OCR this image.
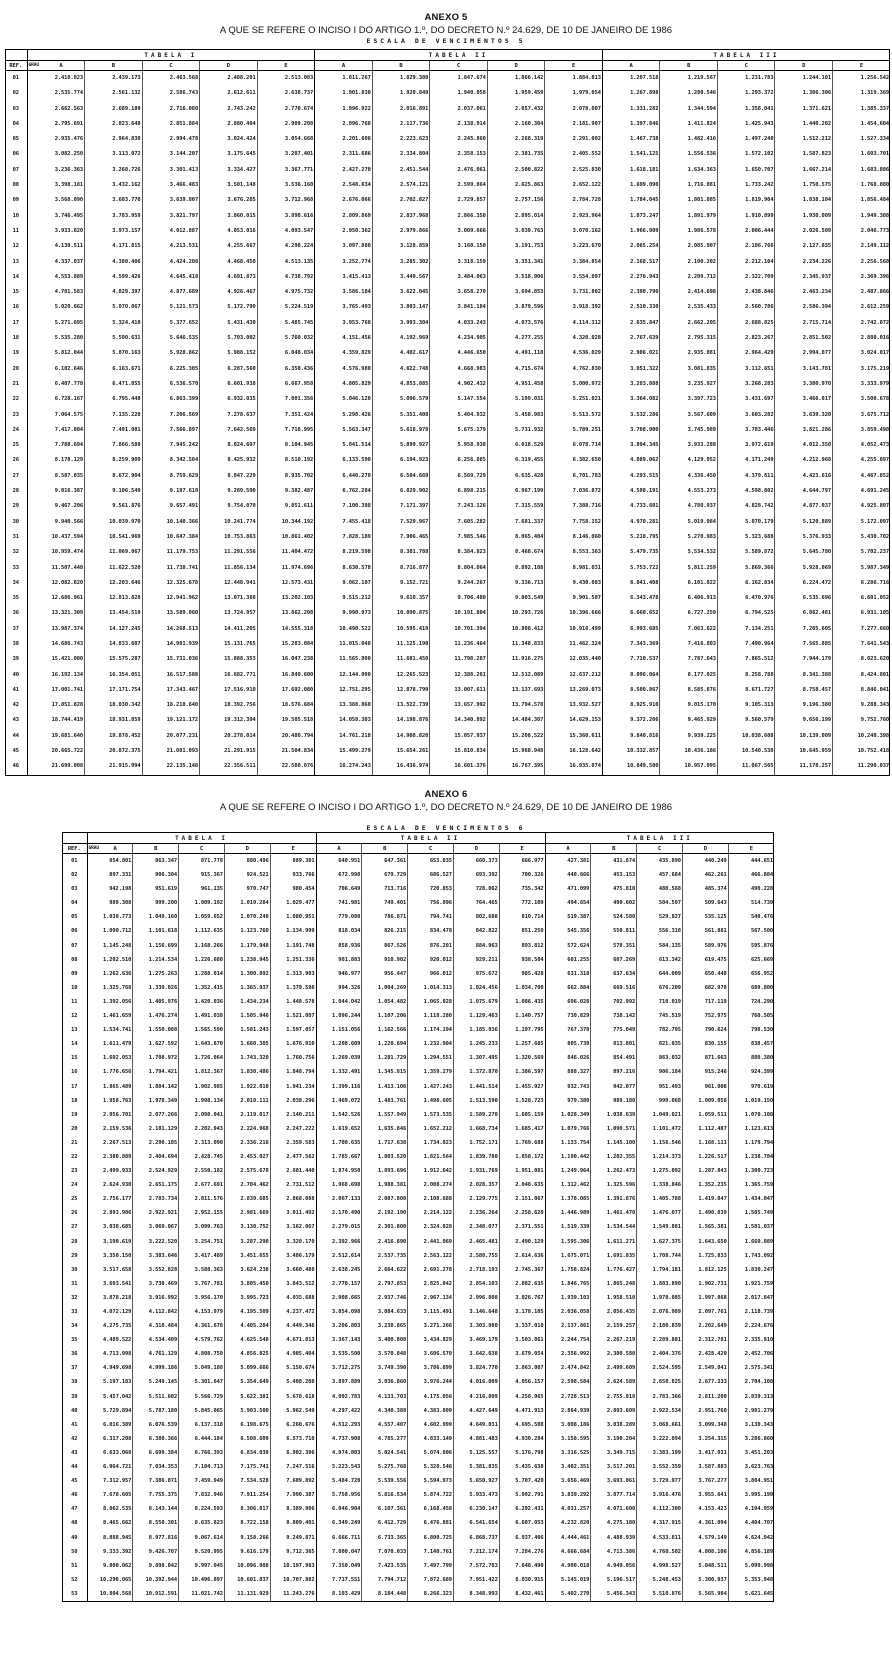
ANEXO 5
A QUE SE REFERE O INCISO I DO ARTIGO 1.º, DO DECRETO N.º 24.629, DE 10 DE JANEIRO DE 1986
ESCALA DE VENCIMENTOS 5
	TABELA I					TABELA II					TABELA III				
REF.	GRAU A	B	C	D	E	A	B	C	D	E	A	B	C	D	E
01	2.418.823	2.439.173	2.463.568	2.488.201	2.513.083	1.811.267	1.829.380	1.847.674	1.866.142	1.884.813	1.207.518	1.219.567	1.231.783	1.244.101	1.256.542
02	2.535.774	2.561.132	2.586.743	2.612.611	2.638.737	1.901.830	1.920.849	1.940.058	1.959.459	1.979.054	1.267.898	1.280.546	1.293.372	1.306.306	1.319.369
03	2.662.563	2.689.189	2.716.080	2.743.242	2.770.674	1.996.922	2.016.891	2.037.061	2.057.432	2.078.007	1.331.282	1.344.594	1.358.041	1.371.621	1.385.337
04	2.795.691	2.823.648	2.851.884	2.880.404	2.909.208	2.096.768	2.117.736	2.138.914	2.160.304	2.181.907	1.397.846	1.411.824	1.425.943	1.440.202	1.454.604
05	2.935.476	2.964.830	2.994.478	3.024.424	3.054.668	2.201.606	2.223.623	2.245.860	2.268.319	2.291.002	1.467.738	1.482.416	1.497.240	1.512.212	1.527.334
06	3.082.250	3.113.072	3.144.207	3.175.645	3.207.401	2.311.686	2.334.804	2.358.153	2.381.735	2.405.552	1.541.125	1.556.536	1.572.102	1.587.823	1.603.701
07	3.236.363	3.268.726	3.301.413	3.334.427	3.367.771	2.427.270	2.451.544	2.476.061	2.500.822	2.525.830	1.618.181	1.634.363	1.650.707	1.667.214	1.683.886
08	3.398.181	3.432.162	3.466.483	3.501.148	3.536.160	2.548.634	2.574.121	2.599.864	2.625.863	2.652.122	1.699.090	1.716.081	1.733.242	1.750.575	1.768.080
09	3.568.090	3.603.770	3.639.807	3.676.205	3.712.968	2.676.066	2.702.827	2.729.857	2.757.156	2.784.728	1.784.045	1.801.885	1.819.904	1.838.104	1.856.484
10	3.746.495	3.783.959	3.821.797	3.860.015	3.898.616	2.809.869	2.837.968	2.866.350	2.895.014	2.923.964	1.873.247	1.891.979	1.910.899	1.930.009	1.949.308
11	3.933.820	3.973.157	4.012.887	4.053.016	4.093.547	2.950.362	2.979.866	3.009.666	3.039.763	3.070.162	1.966.909	1.986.578	2.006.444	2.026.509	2.046.773
12	4.130.511	4.171.815	4.213.531	4.255.667	4.298.224	3.097.880	3.128.859	3.160.150	3.191.753	3.223.670	2.065.254	2.085.907	2.106.766	2.127.835	2.149.112
13	4.337.037	4.380.406	4.424.208	4.468.450	4.513.135	3.252.774	3.285.302	3.318.159	3.351.341	3.384.854	2.168.517	2.190.202	2.212.104	2.234.226	2.256.568
14	4.553.889	4.599.426	4.645.418	4.691.873	4.738.792	3.415.413	3.449.567	3.484.063	3.518.906	3.554.097	2.276.943	2.299.712	2.322.709	2.345.937	2.369.396
15	4.781.583	4.829.397	4.877.689	4.926.467	4.975.732	3.586.184	3.622.045	3.658.270	3.694.853	3.731.802	2.390.790	2.414.698	2.438.846	2.463.234	2.487.866
16	5.020.662	5.070.867	5.121.573	5.172.790	5.224.519	3.765.493	3.803.147	3.841.184	3.879.596	3.918.392	2.510.330	2.535.433	2.560.786	2.586.394	2.612.259
17	5.271.695	5.324.410	5.377.652	5.431.430	5.485.745	3.953.768	3.993.304	4.033.243	4.073.576	4.114.312	2.635.847	2.662.205	2.688.825	2.715.714	2.742.872
18	5.535.280	5.590.631	5.646.535	5.703.002	5.760.032	4.151.456	4.192.969	4.234.905	4.277.255	4.320.028	2.767.639	2.795.315	2.823.267	2.851.502	2.880.016
19	5.812.044	5.870.163	5.928.862	5.988.152	6.048.034	4.359.029	4.402.617	4.446.650	4.491.118	4.536.029	2.906.021	2.935.081	2.964.429	2.994.077	3.024.017
20	6.102.646	6.163.671	6.225.305	6.287.560	6.350.436	4.576.980	4.622.748	4.668.983	4.715.674	4.762.830	3.051.322	3.081.835	3.112.651	3.143.781	3.175.219
21	6.407.778	6.471.855	6.536.570	6.601.938	6.667.958	4.805.829	4.853.885	4.902.432	4.951.458	5.000.972	3.203.888	3.235.927	3.268.283	3.300.970	3.333.979
22	6.728.167	6.795.448	6.863.399	6.932.035	7.001.356	5.046.120	5.096.579	5.147.554	5.199.031	5.251.021	3.364.082	3.397.723	3.431.697	3.466.017	3.500.678
23	7.064.575	7.135.220	7.206.569	7.278.637	7.351.424	5.298.426	5.351.408	5.404.932	5.458.983	5.513.572	3.532.286	3.567.609	3.603.282	3.639.320	3.675.712
24	7.417.804	7.491.981	7.566.897	7.642.569	7.718.995	5.563.347	5.618.978	5.675.179	5.731.932	5.789.251	3.708.900	3.745.989	3.783.446	3.821.286	3.859.498
25	7.788.694	7.866.580	7.945.242	8.024.697	8.104.945	5.841.514	5.899.927	5.958.938	6.018.529	6.078.714	3.894.345	3.933.288	3.972.619	4.012.350	4.052.473
26	8.178.129	8.259.909	8.342.504	8.425.932	8.510.192	6.133.590	6.194.923	6.256.885	6.319.455	6.382.650	4.089.062	4.129.952	4.171.249	4.212.968	4.255.097
27	8.587.035	8.672.904	8.759.629	8.847.229	8.935.702	6.440.270	6.504.669	6.569.729	6.635.428	6.701.783	4.293.515	4.336.450	4.379.811	4.423.616	4.467.852
28	9.016.387	9.106.549	9.197.610	9.289.590	9.382.487	6.762.284	6.829.902	6.898.215	6.967.199	7.036.872	4.508.191	4.553.273	4.598.802	4.644.797	4.691.245
29	9.467.206	9.561.876	9.657.491	9.754.070	9.851.611	7.100.398	7.171.397	7.243.126	7.315.559	7.388.716	4.733.601	4.780.937	4.828.742	4.877.037	4.925.807
30	9.940.566	10.039.970	10.140.366	10.241.774	10.344.192	7.455.418	7.529.967	7.605.282	7.681.337	7.758.152	4.970.281	5.019.984	5.070.179	5.120.889	5.172.097
31	10.437.594	10.541.969	10.647.384	10.753.863	10.861.402	7.828.189	7.906.465	7.985.546	8.065.404	8.146.060	5.218.795	5.270.983	5.323.688	5.376.933	5.430.702
32	10.959.474	11.069.067	11.179.753	11.291.556	11.404.472	8.219.598	8.301.788	8.384.823	8.468.674	8.553.363	5.479.735	5.534.532	5.589.872	5.645.780	5.702.237
33	11.507.448	11.622.520	11.738.741	11.856.134	11.974.696	8.630.578	8.716.877	8.804.064	8.892.108	8.981.031	5.753.722	5.811.259	5.869.366	5.928.069	5.987.349
34	12.082.820	12.203.646	12.325.678	12.448.941	12.573.431	9.062.107	9.152.721	9.244.267	9.336.713	9.430.083	6.041.408	6.101.822	6.162.834	6.224.472	6.286.716
35	12.686.961	12.813.828	12.941.962	13.071.388	13.202.103	9.515.212	9.610.357	9.706.480	9.803.549	9.901.587	6.343.478	6.406.913	6.470.976	6.535.696	6.601.052
36	13.321.309	13.454.519	13.589.060	13.724.957	13.862.208	9.990.973	10.090.875	10.191.804	10.293.726	10.396.666	6.660.652	6.727.259	6.794.525	6.862.481	6.931.105
37	13.987.374	14.127.245	14.268.513	14.411.205	14.555.318	10.490.522	10.595.419	10.701.394	10.808.412	10.916.499	6.993.685	7.063.622	7.134.251	7.205.605	7.277.660
38	14.686.743	14.833.607	14.981.939	15.131.765	15.283.084	11.015.048	11.125.190	11.236.464	11.348.833	11.462.324	7.343.369	7.416.803	7.490.964	7.565.885	7.641.543
39	15.421.080	15.575.287	15.731.036	15.888.353	16.047.238	11.565.800	11.681.450	11.798.287	11.916.275	12.035.440	7.710.537	7.787.643	7.865.512	7.944.179	8.023.620
40	16.192.134	16.354.051	16.517.588	16.682.771	16.849.600	12.144.090	12.265.523	12.388.201	12.512.089	12.637.212	8.096.064	8.177.025	8.258.788	8.341.388	8.424.801
41	17.001.741	17.171.754	17.343.467	17.516.910	17.692.080	12.751.295	12.878.799	13.007.611	13.137.693	13.269.073	8.500.867	8.585.876	8.671.727	8.758.457	8.846.041
42	17.851.828	18.030.342	18.210.640	18.392.756	18.576.684	13.388.860	13.522.739	13.657.992	13.794.578	13.932.527	8.925.910	9.015.170	9.105.313	9.196.380	9.288.343
43	18.744.419	18.931.859	19.121.172	19.312.394	19.505.518	14.058.303	14.198.876	14.340.892	14.484.307	14.629.153	9.372.206	9.465.929	9.560.579	9.656.199	9.752.760
44	19.681.640	19.878.452	20.077.231	20.278.014	20.480.794	14.761.218	14.908.820	15.057.937	15.208.522	15.360.611	9.840.816	9.939.225	10.038.608	10.139.009	10.240.398
45	20.665.722	20.872.375	21.081.093	21.291.915	21.504.834	15.499.279	15.654.261	15.810.834	15.968.948	16.128.642	10.332.857	10.436.186	10.540.538	10.645.959	10.752.418
46	21.699.008	21.915.994	22.135.148	22.356.511	22.580.076	16.274.243	16.436.974	16.601.376	16.767.395	16.935.074	10.849.500	10.957.995	11.067.565	11.178.257	11.290.037
ANEXO 6
A QUE SE REFERE O INCISO I DO ARTIGO 1.º, DO DECRETO N.º 24.629, DE 10 DE JANEIRO DE 1986
ESCALA DE VENCIMENTOS 6
	TABELA I					TABELA II					TABELA III				
REF.	GRAU A	B	C	D	E	A	B	C	D	E	A	B	C	D	E
01	854.801	863.347	871.778	880.496	889.301	640.951	647.361	653.835	660.373	666.977	427.381	431.874	435.890	440.249	444.651
02	897.331	906.304	915.367	924.521	933.766	672.998	679.729	686.527	693.392	700.326	448.666	453.153	457.684	462.261	466.884
03	942.198	951.619	961.135	970.747	980.454	706.649	713.716	720.853	728.062	735.342	471.099	475.810	480.568	485.374	490.228
04	989.308	999.200	1.009.192	1.019.284	1.029.477	741.981	749.401	756.896	764.465	772.109	494.654	499.602	504.597	509.643	514.739
05	1.038.773	1.049.160	1.059.652	1.070.248	1.080.951	779.080	786.871	794.741	802.688	810.714	519.387	524.580	529.827	535.125	540.476
06	1.090.712	1.101.618	1.112.635	1.123.760	1.134.999	818.034	826.215	834.478	842.822	851.250	545.356	550.811	556.318	561.881	567.500
07	1.145.248	1.156.699	1.168.266	1.179.948	1.191.748	858.936	867.526	876.201	884.963	893.812	572.624	578.351	584.135	589.976	595.876
08	1.202.510	1.214.534	1.226.680	1.238.945	1.251.336	901.883	910.902	920.012	929.211	938.504	601.255	607.269	613.342	619.475	625.669
09	1.262.636	1.275.263	1.288.014	1.300.892	1.313.903	946.977	956.447	966.012	975.672	985.428	631.318	637.634	644.009	650.448	656.952
10	1.325.768	1.339.026	1.352.415	1.365.937	1.379.598	994.326	1.004.269	1.014.313	1.024.456	1.034.700	662.884	669.516	676.209	682.970	689.800
11	1.392.056	1.405.976	1.420.036	1.434.234	1.448.578	1.044.042	1.054.482	1.065.028	1.075.679	1.086.435	696.028	702.992	710.019	717.119	724.290
12	1.461.659	1.476.274	1.491.038	1.505.946	1.521.007	1.096.244	1.107.206	1.118.280	1.129.463	1.140.757	730.829	738.142	745.519	752.975	760.505
13	1.534.741	1.550.088	1.565.590	1.581.243	1.597.057	1.151.056	1.162.566	1.174.194	1.185.936	1.197.795	767.370	775.049	782.795	790.624	798.530
14	1.611.479	1.627.592	1.643.870	1.660.305	1.676.910	1.208.609	1.220.694	1.232.904	1.245.233	1.257.685	805.739	813.801	821.935	830.155	838.457
15	1.692.053	1.708.972	1.726.064	1.743.320	1.760.756	1.269.039	1.281.729	1.294.551	1.307.495	1.320.569	846.026	854.491	863.032	871.663	880.380
16	1.776.656	1.794.421	1.812.367	1.830.486	1.848.794	1.332.491	1.345.815	1.359.279	1.372.870	1.386.597	888.327	897.216	906.184	915.246	924.399
17	1.865.489	1.884.142	1.902.985	1.922.010	1.941.234	1.399.116	1.413.106	1.427.243	1.441.514	1.455.927	932.743	942.077	951.493	961.008	970.619
18	1.958.763	1.978.349	1.998.134	2.018.111	2.038.296	1.469.072	1.483.761	1.498.605	1.513.590	1.528.723	979.380	989.180	999.068	1.009.058	1.019.150
19	2.056.701	2.077.266	2.098.041	2.119.017	2.140.211	1.542.526	1.557.949	1.573.535	1.589.270	1.605.159	1.028.349	1.038.639	1.049.021	1.059.511	1.070.108
20	2.159.536	2.181.129	2.202.943	2.224.968	2.247.222	1.619.652	1.635.846	1.652.212	1.668.734	1.685.417	1.079.766	1.090.571	1.101.472	1.112.487	1.123.613
21	2.267.513	2.290.185	2.313.090	2.336.216	2.359.583	1.700.635	1.717.638	1.734.823	1.752.171	1.769.688	1.133.754	1.145.100	1.156.546	1.168.111	1.179.794
22	2.380.889	2.404.694	2.428.745	2.453.027	2.477.562	1.785.667	1.803.520	1.821.564	1.839.780	1.858.172	1.190.442	1.202.355	1.214.373	1.226.517	1.238.784
23	2.499.933	2.524.929	2.550.182	2.575.678	2.601.440	1.874.950	1.893.696	1.912.642	1.931.769	1.951.081	1.249.964	1.262.473	1.275.092	1.287.843	1.300.723
24	2.624.930	2.651.175	2.677.691	2.704.462	2.731.512	1.968.698	1.988.381	2.008.274	2.028.357	2.048.635	1.312.462	1.325.596	1.338.846	1.352.235	1.365.759
25	2.756.177	2.783.734	2.811.576	2.839.685	2.868.088	2.067.133	2.087.800	2.108.688	2.129.775	2.151.067	1.378.085	1.391.876	1.405.788	1.419.847	1.434.047
26	2.893.986	2.922.921	2.952.155	2.981.669	3.011.492	2.170.490	2.192.190	2.214.122	2.236.264	2.258.620	1.446.989	1.461.470	1.476.077	1.490.839	1.505.749
27	3.038.685	3.069.067	3.099.763	3.130.752	3.162.067	2.279.015	2.301.800	2.324.828	2.348.077	2.371.551	1.519.339	1.534.544	1.549.881	1.565.381	1.581.037
28	3.190.619	3.222.520	3.254.751	3.287.290	3.320.170	2.392.966	2.416.890	2.441.069	2.465.481	2.490.129	1.595.306	1.611.271	1.627.375	1.643.650	1.660.089
29	3.350.150	3.383.646	3.417.489	3.451.655	3.486.179	2.512.614	2.537.735	2.563.122	2.588.755	2.614.636	1.675.071	1.691.835	1.708.744	1.725.833	1.743.092
30	3.517.658	3.552.828	3.588.363	3.624.238	3.660.488	2.638.245	2.664.622	2.691.278	2.718.193	2.745.367	1.758.824	1.776.427	1.794.181	1.812.125	1.830.247
31	3.693.541	3.730.469	3.767.781	3.805.450	3.843.512	2.770.157	2.797.853	2.825.842	2.854.103	2.882.635	1.846.765	1.865.248	1.883.890	1.902.731	1.921.759
32	3.878.218	3.916.992	3.956.170	3.995.723	4.035.688	2.908.665	2.937.746	2.967.134	2.996.808	3.026.767	1.939.103	1.958.510	1.978.085	1.997.868	2.017.847
33	4.072.129	4.112.842	4.153.979	4.195.509	4.237.472	3.054.098	3.084.633	3.115.491	3.146.648	3.178.105	2.036.058	2.056.435	2.076.989	2.097.761	2.118.739
34	4.275.735	4.318.484	4.361.678	4.405.284	4.449.346	3.206.803	3.238.865	3.271.266	3.303.980	3.337.010	2.137.861	2.159.257	2.180.839	2.202.649	2.224.676
35	4.489.522	4.534.409	4.579.762	4.625.548	4.671.813	3.367.143	3.400.808	3.434.829	3.469.179	3.503.861	2.244.754	2.267.219	2.289.881	2.312.781	2.335.910
36	4.713.998	4.761.129	4.808.750	4.856.825	4.905.404	3.535.500	3.570.848	3.606.570	3.642.638	3.679.054	2.356.992	2.380.580	2.404.376	2.428.420	2.452.706
37	4.949.698	4.999.186	5.049.188	5.099.666	5.150.674	3.712.275	3.749.390	3.786.899	3.824.770	3.863.007	2.474.842	2.499.609	2.524.595	2.549.841	2.575.341
38	5.197.183	5.249.145	5.301.647	5.354.649	5.408.208	3.897.889	3.936.860	3.976.244	4.016.009	4.056.157	2.598.584	2.624.589	2.650.825	2.677.333	2.704.108
39	5.457.042	5.511.602	5.566.729	5.622.381	5.678.618	4.092.783	4.133.703	4.175.056	4.216.809	4.258.965	2.728.513	2.755.818	2.783.366	2.811.200	2.839.313
40	5.729.894	5.787.180	5.845.065	5.903.500	5.962.549	4.297.422	4.340.388	4.383.809	4.427.649	4.471.913	2.864.939	2.893.609	2.922.534	2.951.760	2.981.279
41	6.016.389	6.076.539	6.137.318	6.198.675	6.260.676	4.512.293	4.557.407	4.602.999	4.649.031	4.695.508	3.008.186	3.038.289	3.068.661	3.099.348	3.130.343
42	6.317.208	6.380.366	6.444.184	6.508.609	6.573.710	4.737.908	4.785.277	4.833.149	4.881.483	4.930.284	3.158.595	3.190.204	3.222.094	3.254.315	3.286.860
43	6.633.068	6.699.384	6.766.393	6.834.039	6.902.396	4.974.803	5.024.541	5.074.806	5.125.557	5.176.798	3.316.525	3.349.715	3.383.199	3.417.031	3.451.203
44	6.964.721	7.034.353	7.104.713	7.175.741	7.247.516	5.223.543	5.275.768	5.328.546	5.381.835	5.435.638	3.482.351	3.517.201	3.552.359	3.587.883	3.623.763
45	7.312.957	7.386.071	7.459.949	7.534.528	7.609.892	5.484.720	5.539.556	5.594.973	5.650.927	5.707.420	3.656.469	3.693.061	3.729.977	3.767.277	3.804.951
46	7.678.605	7.755.375	7.832.946	7.911.254	7.990.387	5.758.956	5.816.534	5.874.722	5.933.473	5.992.791	3.839.292	3.877.714	3.916.476	3.955.641	3.995.199
47	8.062.535	8.143.144	8.224.593	8.306.817	8.389.906	6.046.904	6.107.361	6.168.458	6.230.147	6.292.431	4.031.257	4.071.600	4.112.300	4.153.423	4.194.959
48	8.465.662	8.550.301	8.635.823	8.722.158	8.809.401	6.349.249	6.412.729	6.476.881	6.541.654	6.607.053	4.232.820	4.275.180	4.317.915	4.361.094	4.404.707
49	8.888.945	8.977.816	9.067.614	9.158.266	9.249.871	6.666.711	6.733.365	6.800.725	6.868.737	6.937.406	4.444.461	4.488.939	4.533.811	4.579.149	4.624.942
50	9.333.392	9.426.707	9.520.995	9.616.179	9.712.365	7.000.047	7.070.033	7.140.761	7.212.174	7.284.276	4.666.684	4.713.386	4.760.502	4.808.106	4.856.189
51	9.800.062	9.898.042	9.997.045	10.096.988	10.197.983	7.350.049	7.423.535	7.497.799	7.572.783	7.648.490	4.900.018	4.949.056	4.998.527	5.048.511	5.099.998
52	10.290.065	10.392.944	10.496.897	10.601.837	10.707.882	7.717.551	7.794.712	7.872.689	7.951.422	8.030.915	5.145.019	5.196.517	5.248.453	5.300.937	5.353.948
53	10.804.568	10.912.591	11.021.742	11.131.929	11.243.276	8.103.429	8.184.448	8.266.323	8.348.993	8.432.461	5.402.270	5.456.343	5.510.876	5.565.984	5.621.645
